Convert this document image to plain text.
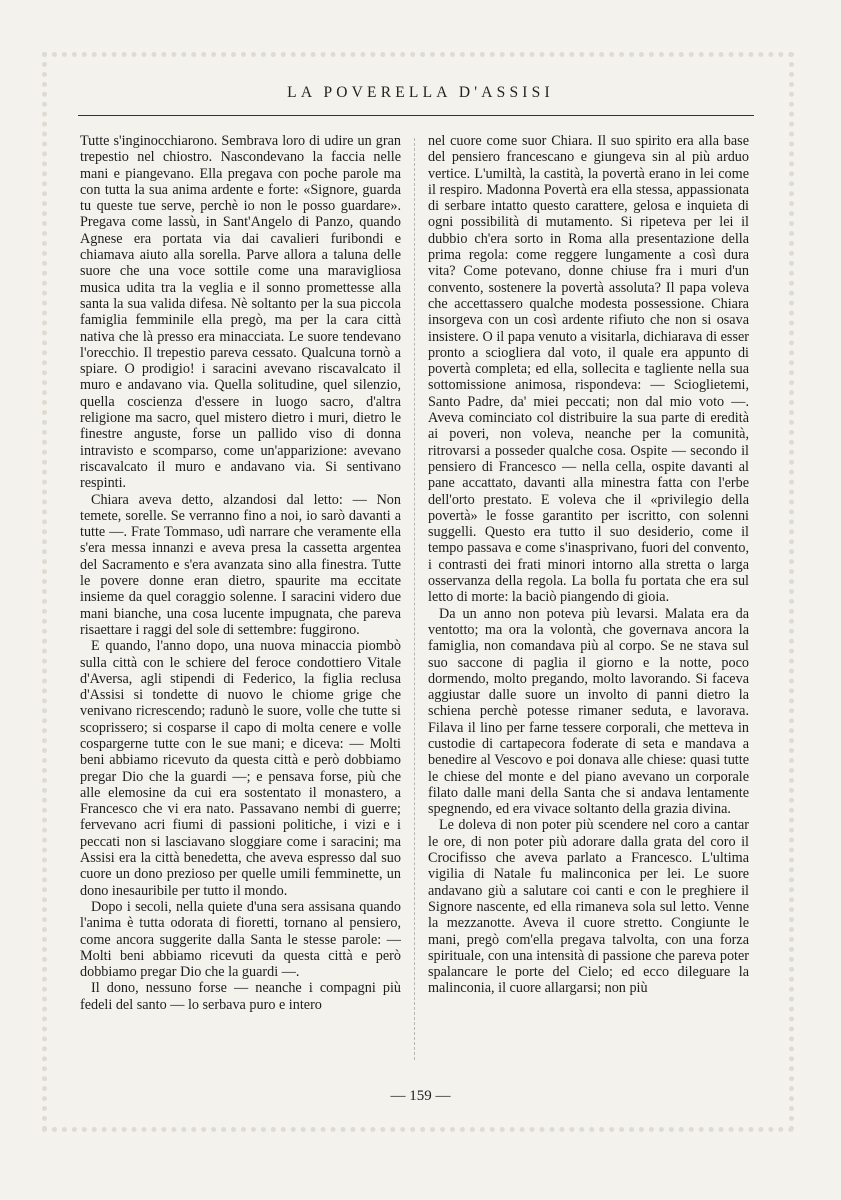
LA POVERELLA D'ASSISI

Tutte s'inginocchiarono. Sembrava loro di udire un gran trepestio nel chiostro. Nascondevano la faccia nelle mani e piangevano. Ella pregava con poche parole ma con tutta la sua anima ardente e forte: «Signore, guarda tu queste tue serve, perchè io non le posso guardare». Pregava come lassù, in Sant'Angelo di Panzo, quando Agnese era portata via dai cavalieri furibondi e chiamava aiuto alla sorella. Parve allora a taluna delle suore che una voce sottile come una maravigliosa musica udita tra la veglia e il sonno promettesse alla santa la sua valida difesa. Nè soltanto per la sua piccola famiglia femminile ella pregò, ma per la cara città nativa che là presso era minacciata. Le suore tendevano l'orecchio. Il trepestio pareva cessato. Qualcuna tornò a spiare. O prodigio! i saracini avevano riscavalcato il muro e andavano via. Quella solitudine, quel silenzio, quella coscienza d'essere in luogo sacro, d'altra religione ma sacro, quel mistero dietro i muri, dietro le finestre anguste, forse un pallido viso di donna intravisto e scomparso, come un'apparizione: avevano riscavalcato il muro e andavano via. Si sentivano respinti.

Chiara aveva detto, alzandosi dal letto: — Non temete, sorelle. Se verranno fino a noi, io sarò davanti a tutte —. Frate Tommaso, udì narrare che veramente ella s'era messa innanzi e aveva presa la cassetta argentea del Sacramento e s'era avanzata sino alla finestra. Tutte le povere donne eran dietro, spaurite ma eccitate insieme da quel coraggio solenne. I saracini videro due mani bianche, una cosa lucente impugnata, che pareva risaettare i raggi del sole di settembre: fuggirono.

E quando, l'anno dopo, una nuova minaccia piombò sulla città con le schiere del feroce condottiero Vitale d'Aversa, agli stipendi di Federico, la figlia reclusa d'Assisi si tondette di nuovo le chiome grige che venivano ricrescendo; radunò le suore, volle che tutte si scoprissero; si cosparse il capo di molta cenere e volle cospargerne tutte con le sue mani; e diceva: — Molti beni abbiamo ricevuto da questa città e però dobbiamo pregar Dio che la guardi —; e pensava forse, più che alle elemosine da cui era sostentato il monastero, a Francesco che vi era nato. Passavano nembi di guerre; fervevano acri fiumi di passioni politiche, i vizi e i peccati non si lasciavano sloggiare come i saracini; ma Assisi era la città benedetta, che aveva espresso dal suo cuore un dono prezioso per quelle umili femminette, un dono inesauribile per tutto il mondo.

Dopo i secoli, nella quiete d'una sera assisana quando l'anima è tutta odorata di fioretti, tornano al pensiero, come ancora suggerite dalla Santa le stesse parole: — Molti beni abbiamo ricevuti da questa città e però dobbiamo pregar Dio che la guardi —.

Il dono, nessuno forse — neanche i compagni più fedeli del santo — lo serbava puro e intero

nel cuore come suor Chiara. Il suo spirito era alla base del pensiero francescano e giungeva sin al più arduo vertice. L'umiltà, la castità, la povertà erano in lei come il respiro. Madonna Povertà era ella stessa, appassionata di serbare intatto questo carattere, gelosa e inquieta di ogni possibilità di mutamento. Si ripeteva per lei il dubbio ch'era sorto in Roma alla presentazione della prima regola: come reggere lungamente a così dura vita? Come potevano, donne chiuse fra i muri d'un convento, sostenere la povertà assoluta? Il papa voleva che accettassero qualche modesta possessione. Chiara insorgeva con un così ardente rifiuto che non si osava insistere. O il papa venuto a visitarla, dichiarava di esser pronto a sciogliera dal voto, il quale era appunto di povertà completa; ed ella, sollecita e tagliente nella sua sottomissione animosa, rispondeva: — Scioglietemi, Santo Padre, da' miei peccati; non dal mio voto —. Aveva cominciato col distribuire la sua parte di eredità ai poveri, non voleva, neanche per la comunità, ritrovarsi a posseder qualche cosa. Ospite — secondo il pensiero di Francesco — nella cella, ospite davanti al pane accattato, davanti alla minestra fatta con l'erbe dell'orto prestato. E voleva che il «privilegio della povertà» le fosse garantito per iscritto, con solenni suggelli. Questo era tutto il suo desiderio, come il tempo passava e come s'inasprivano, fuori del convento, i contrasti dei frati minori intorno alla stretta o larga osservanza della regola. La bolla fu portata che era sul letto di morte: la baciò piangendo di gioia.

Da un anno non poteva più levarsi. Malata era da ventotto; ma ora la volontà, che governava ancora la famiglia, non comandava più al corpo. Se ne stava sul suo saccone di paglia il giorno e la notte, poco dormendo, molto pregando, molto lavorando. Si faceva aggiustar dalle suore un involto di panni dietro la schiena perchè potesse rimaner seduta, e lavorava. Filava il lino per farne tessere corporali, che metteva in custodie di cartapecora foderate di seta e mandava a benedire al Vescovo e poi donava alle chiese: quasi tutte le chiese del monte e del piano avevano un corporale filato dalle mani della Santa che si andava lentamente spegnendo, ed era vivace soltanto della grazia divina.

Le doleva di non poter più scendere nel coro a cantar le ore, di non poter più adorare dalla grata del coro il Crocifisso che aveva parlato a Francesco. L'ultima vigilia di Natale fu malinconica per lei. Le suore andavano giù a salutare coi canti e con le preghiere il Signore nascente, ed ella rimaneva sola sul letto. Venne la mezzanotte. Aveva il cuore stretto. Congiunte le mani, pregò com'ella pregava talvolta, con una forza spirituale, con una intensità di passione che pareva poter spalancare le porte del Cielo; ed ecco dileguare la malinconia, il cuore allargarsi; non più

— 159 —
